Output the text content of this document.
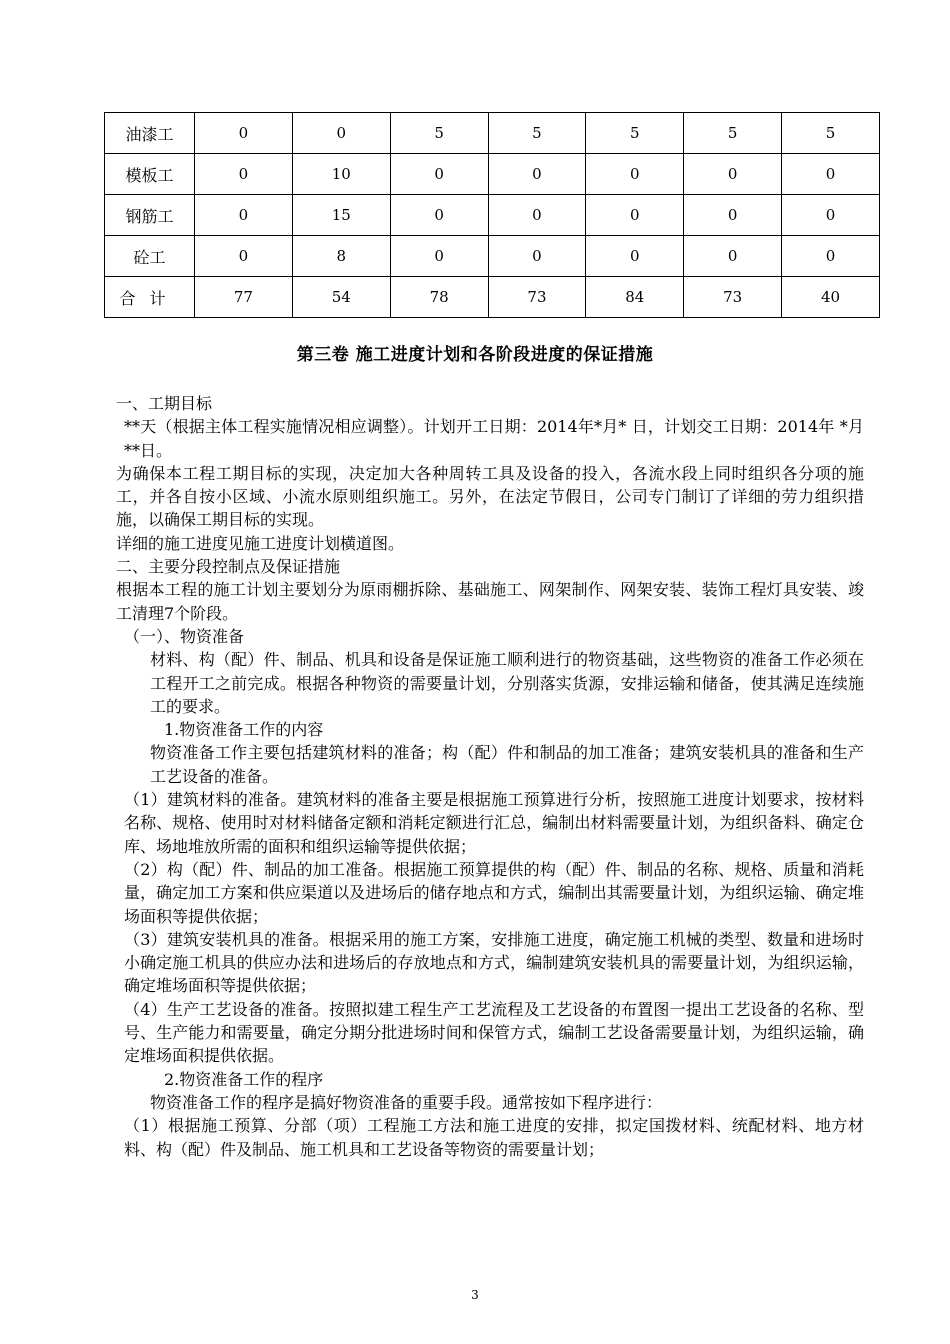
油漆工	0	0	5	5	5	5	5
模板工	0	10	0	0	0	0	0
钢筋工	0	15	0	0	0	0	0
砼工	0	8	0	0	0	0	0
合计	77	54	78	73	84	73	40
第三卷 施工进度计划和各阶段进度的保证措施

一、工期目标

**天（根据主体工程实施情况相应调整）。计划开工日期：2014年*月* 日，计划交工日期：2014年 *月**日。

为确保本工程工期目标的实现，决定加大各种周转工具及设备的投入，各流水段上同时组织各分项的施工，并各自按小区域、小流水原则组织施工。另外，在法定节假日，公司专门制订了详细的劳力组织措施，以确保工期目标的实现。

详细的施工进度见施工进度计划横道图。

二、主要分段控制点及保证措施

根据本工程的施工计划主要划分为原雨棚拆除、基础施工、网架制作、网架安装、装饰工程灯具安装、竣工清理7个阶段。

（一）、物资准备

材料、构（配）件、制品、机具和设备是保证施工顺利进行的物资基础，这些物资的准备工作必须在工程开工之前完成。根据各种物资的需要量计划，分别落实货源，安排运输和储备，使其满足连续施工的要求。

1.物资准备工作的内容

物资准备工作主要包括建筑材料的准备；构（配）件和制品的加工准备；建筑安装机具的准备和生产工艺设备的准备。

（1）建筑材料的准备。建筑材料的准备主要是根据施工预算进行分析，按照施工进度计划要求，按材料名称、规格、使用时对材料储备定额和消耗定额进行汇总，编制出材料需要量计划，为组织备料、确定仓库、场地堆放所需的面积和组织运输等提供依据；

（2）构（配）件、制品的加工准备。根据施工预算提供的构（配）件、制品的名称、规格、质量和消耗量，确定加工方案和供应渠道以及进场后的储存地点和方式，编制出其需要量计划，为组织运输、确定堆场面积等提供依据；

（3）建筑安装机具的准备。根据采用的施工方案，安排施工进度，确定施工机械的类型、数量和进场时小确定施工机具的供应办法和进场后的存放地点和方式，编制建筑安装机具的需要量计划，为组织运输，确定堆场面积等提供依据；

（4）生产工艺设备的准备。按照拟建工程生产工艺流程及工艺设备的布置图一提出工艺设备的名称、型号、生产能力和需要量，确定分期分批进场时间和保管方式，编制工艺设备需要量计划，为组织运输，确定堆场面积提供依据。

2.物资准备工作的程序

物资准备工作的程序是搞好物资准备的重要手段。通常按如下程序进行：

（1）根据施工预算、分部（项）工程施工方法和施工进度的安排，拟定国拨材料、统配材料、地方材料、构（配）件及制品、施工机具和工艺设备等物资的需要量计划；

3
